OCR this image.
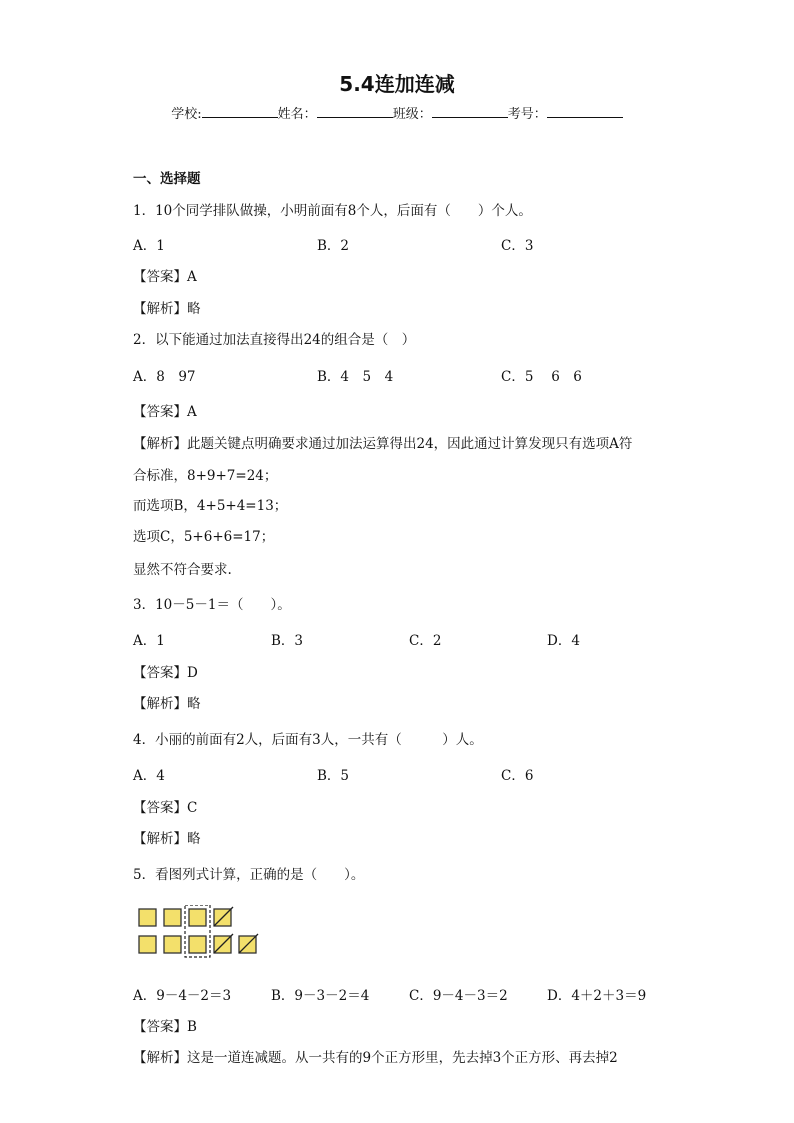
5.4连加连减
学校:	姓名：	班级：	考号：
一、选择题
1．10个同学排队做操，小明前面有8个人，后面有（　　）个人。
A．1	B．2	C．3
【答案】A
【解析】略
2．以下能通过加法直接得出24的组合是（　）
A．8　97	B．4　5　4	C．5　 6　6
【答案】A
【解析】此题关键点明确要求通过加法运算得出24，因此通过计算发现只有选项A符
合标准，8+9+7=24；
而选项B，4+5+4=13；
选项C，5+6+6=17；
显然不符合要求.
3．10－5－1＝（　　）。
A．1	B．3	C．2	D．4
【答案】D
【解析】略
4．小丽的前面有2人，后面有3人，一共有（　　　）人。
A．4	B．5	C．6
【答案】C
【解析】略
5．看图列式计算，正确的是（　　）。
A．9－4－2＝3	B．9－3－2＝4	C．9－4－3＝2	D．4＋2＋3＝9
【答案】B
【解析】这是一道连减题。从一共有的9个正方形里，先去掉3个正方形、再去掉2
